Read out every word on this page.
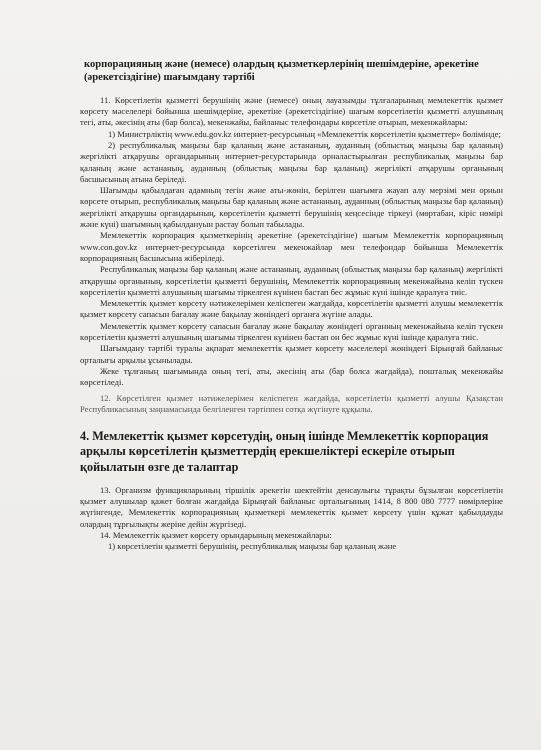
корпорацияның және (немесе) олардың қызметкерлерінің шешімдеріне, әрекетіне (әрекетсіздігіне) шағымдану тәртібі

11. Көрсетілетін қызметті берушінің және (немесе) оның лауазымды тұлғаларының мемлекеттік қызмет көрсету мәселелері бойынша шешімдеріне, әрекетіне (әрекетсіздігіне) шағым көрсетілетін қызметті алушының тегі, аты, әкесінің аты (бар болса), мекенжайы, байланыс телефондары көрсетіле отырып, мекенжайлары:

1) Министрліктің www.edu.gov.kz интернет-ресурсының «Мемлекеттік көрсетілетін қызметтер» бөлімінде;

2) республикалық маңызы бар қаланың және астананың, ауданның (облыстық маңызы бар қаланың) жергілікті атқарушы органдарының интернет-ресурстарында орналастырылған республикалық маңызы бар қаланың және астананың, ауданның (облыстық маңызы бар қаланың) жергілікті атқарушы органының басшысының атына беріледі.

Шағымды қабылдаған адамның тегін және аты-жөнін, берілген шағымға жауап алу мерзімі мен орнын көрсете отырып, республикалық маңызы бар қаланың және астананың, ауданның (облыстық маңызы бар қаланың) жергілікті атқарушы органдарының, көрсетілетін қызметті берушінің кеңсесінде тіркеуі (мөртабан, кіріс нөмірі және күні) шағымның қабылдануын растау болып табылады.

Мемлекеттік корпорация қызметкерінің әрекетіне (әрекетсіздігіне) шағым Мемлекеттік корпорацияның www.con.gov.kz интернет-ресурсында көрсетілген мекенжайлар мен телефондар бойынша Мемлекеттік корпорацияның басшысына жіберіледі.

Республикалық маңызы бар қаланың және астананың, ауданның (облыстық маңызы бар қаланың) жергілікті атқарушы органының, көрсетілетін қызметті берушінің, Мемлекеттік корпорацияның мекенжайына келіп түскен көрсетілетін қызметті алушының шағымы тіркелген күнінен бастап бес жұмыс күні ішінде қаралуға тиіс.

Мемлекеттік қызмет көрсету нәтижелерімен келіспеген жағдайда, көрсетілетін қызметті алушы мемлекеттік қызмет көрсету сапасын бағалау және бақылау жөніндегі органға жүгіне алады.

Мемлекеттік қызмет көрсету сапасын бағалау және бақылау жөніндегі органның мекенжайына келіп түскен көрсетілетін қызметті алушының шағымы тіркелген күнінен бастап он бес жұмыс күні ішінде қаралуға тиіс.

Шағымдану тәртібі туралы ақпарат мемлекеттік қызмет көрсету мәселелері жөніндегі Бірыңғай байланыс орталығы арқылы ұсынылады.

Жеке тұлғаның шағымында оның тегі, аты, әкесінің аты (бар болса жағдайда), пошталық мекенжайы көрсетіледі.

12. Көрсетілген қызмет нәтижелерімен келіспеген жағдайда, көрсетілетін қызметті алушы Қазақстан Республикасының заңнамасында белгіленген тәртіппен сотқа жүгінуге құқылы.

4. Мемлекеттік қызмет көрсетудің, оның ішінде Мемлекеттік корпорация арқылы көрсетілетін қызметтердің ерекшеліктері ескеріле отырып қойылатын өзге де талаптар

13. Организм функцияларының тіршілік әрекетін шектейтін денсаулығы тұрақты бұзылған көрсетілетін қызмет алушылар қажет болған жағдайда Бірыңғай байланыс орталығының 1414, 8 800 080 7777 нөмірлеріне жүгінгенде, Мемлекеттік корпорацияның қызметкері мемлекеттік қызмет көрсету үшін құжат қабылдауды олардың тұрғылықты жеріне дейін жүргізеді.

14. Мемлекеттік қызмет көрсету орындарының мекенжайлары:

1) көрсетілетін қызметті берушінің, республикалық маңызы бар қаланың және
